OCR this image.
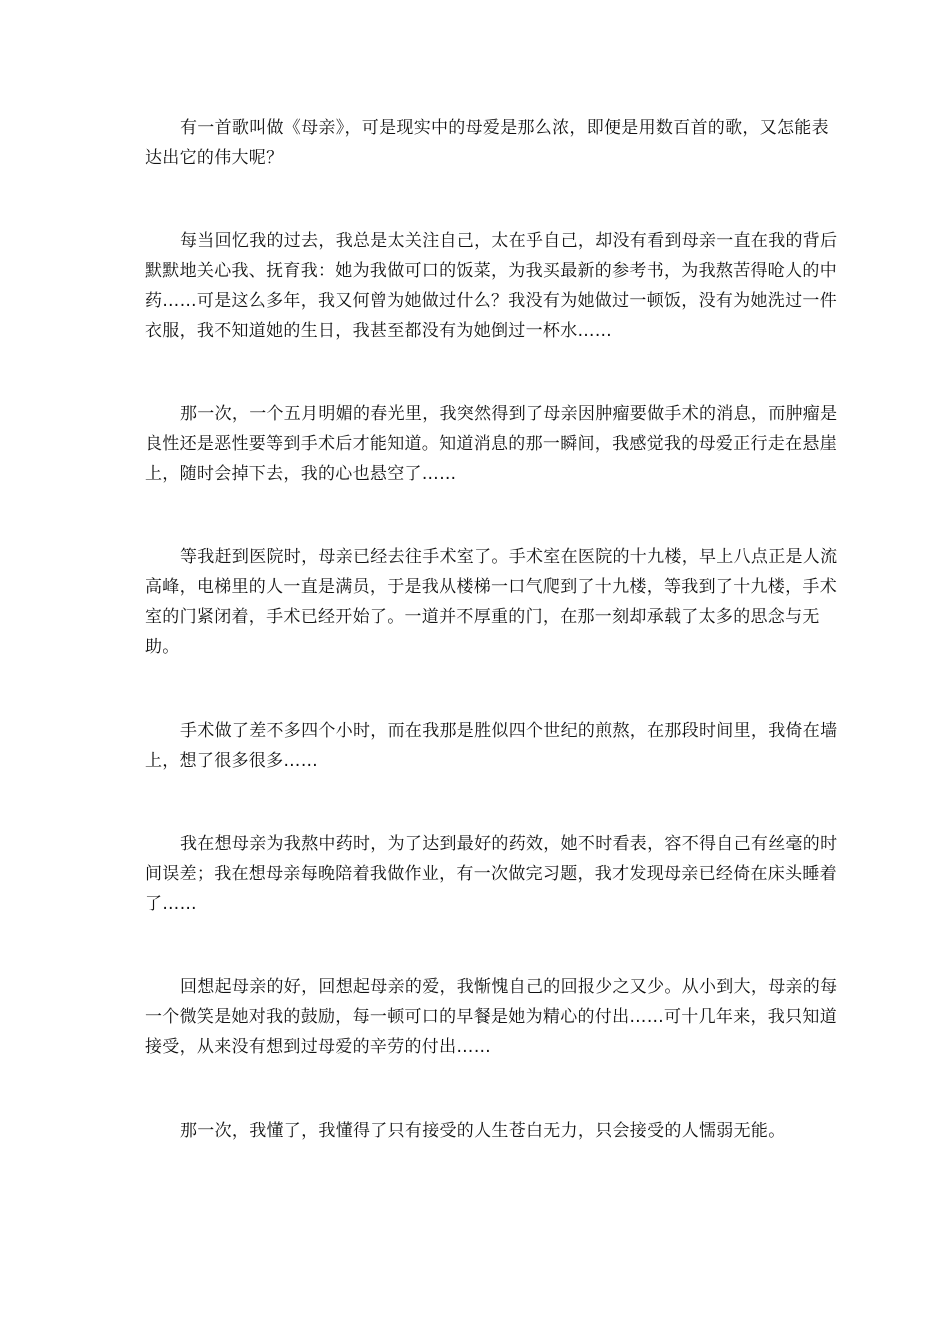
有一首歌叫做《母亲》，可是现实中的母爱是那么浓，即便是用数百首的歌，又怎能表达出它的伟大呢？

每当回忆我的过去，我总是太关注自己，太在乎自己，却没有看到母亲一直在我的背后默默地关心我、抚育我：她为我做可口的饭菜，为我买最新的参考书，为我熬苦得呛人的中药……可是这么多年，我又何曾为她做过什么？我没有为她做过一顿饭，没有为她洗过一件衣服，我不知道她的生日，我甚至都没有为她倒过一杯水……

那一次，一个五月明媚的春光里，我突然得到了母亲因肿瘤要做手术的消息，而肿瘤是良性还是恶性要等到手术后才能知道。知道消息的那一瞬间，我感觉我的母爱正行走在悬崖上，随时会掉下去，我的心也悬空了……

等我赶到医院时，母亲已经去往手术室了。手术室在医院的十九楼，早上八点正是人流高峰，电梯里的人一直是满员，于是我从楼梯一口气爬到了十九楼，等我到了十九楼，手术室的门紧闭着，手术已经开始了。一道并不厚重的门，在那一刻却承载了太多的思念与无助。

手术做了差不多四个小时，而在我那是胜似四个世纪的煎熬，在那段时间里，我倚在墙上，想了很多很多……

我在想母亲为我熬中药时，为了达到最好的药效，她不时看表，容不得自己有丝毫的时间误差；我在想母亲每晚陪着我做作业，有一次做完习题，我才发现母亲已经倚在床头睡着了……

回想起母亲的好，回想起母亲的爱，我惭愧自己的回报少之又少。从小到大，母亲的每一个微笑是她对我的鼓励，每一顿可口的早餐是她为精心的付出……可十几年来，我只知道接受，从来没有想到过母爱的辛劳的付出……

那一次，我懂了，我懂得了只有接受的人生苍白无力，只会接受的人懦弱无能。
